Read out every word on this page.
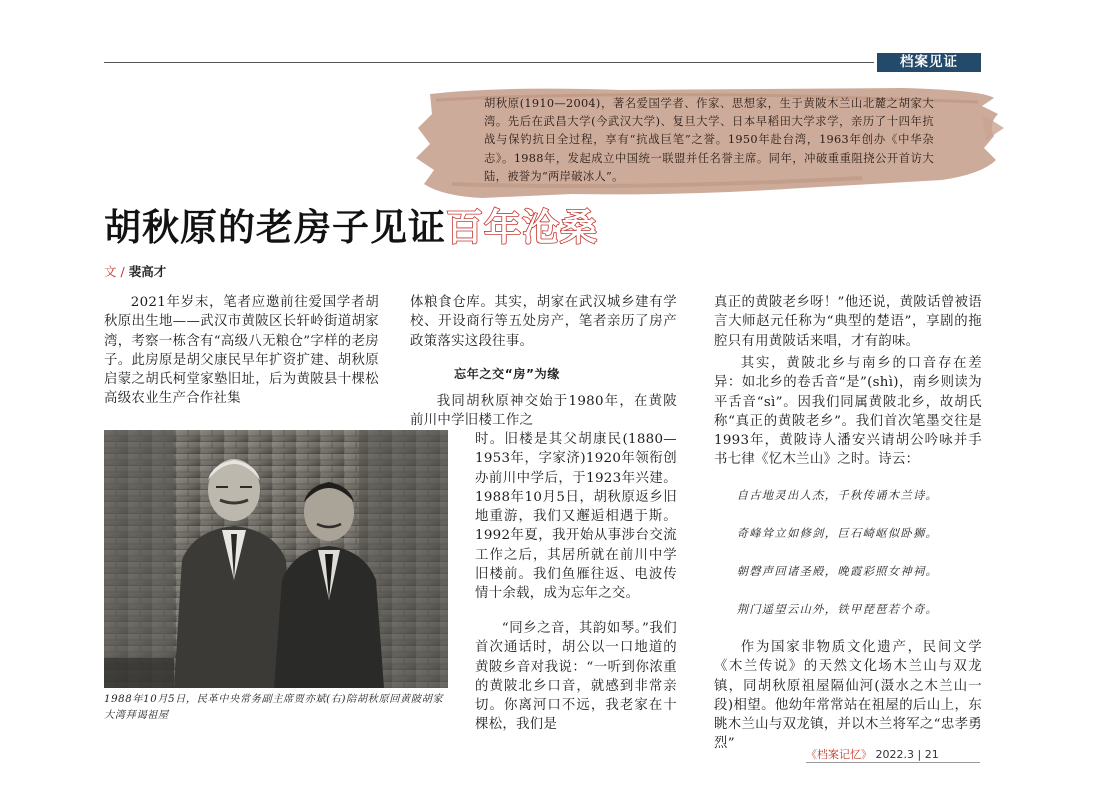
档案见证
胡秋原(1910—2004)，著名爱国学者、作家、思想家，生于黄陂木兰山北麓之胡家大湾。先后在武昌大学(今武汉大学)、复旦大学、日本早稻田大学求学，亲历了十四年抗战与保钓抗日全过程，享有“抗战巨笔”之誉。1950年赴台湾，1963年创办《中华杂志》。1988年，发起成立中国统一联盟并任名誉主席。同年，冲破重重阻挠公开首访大陆，被誉为“两岸破冰人”。
胡秋原的老房子见证百年沧桑
文 / 裴高才
2021年岁末，笔者应邀前往爱国学者胡秋原出生地——武汉市黄陂区长轩岭街道胡家湾，考察一栋含有“高级八无粮仓”字样的老房子。此房原是胡父康民早年扩资扩建、胡秋原启蒙之胡氏柯堂家塾旧址，后为黄陂县十棵松高级农业生产合作社集
1988年10月5日，民革中央常务副主席贾亦斌(右)陪胡秋原回黄陂胡家大湾拜谒祖屋
体粮食仓库。其实，胡家在武汉城乡建有学校、开设商行等五处房产，笔者亲历了房产政策落实这段往事。
忘年之交“房”为缘
我同胡秋原神交始于1980年，在黄陂前川中学旧楼工作之
时。旧楼是其父胡康民(1880—1953年，字家济)1920年领衔创办前川中学后，于1923年兴建。1988年10月5日，胡秋原返乡旧地重游，我们又邂逅相遇于斯。1992年夏，我开始从事涉台交流工作之后，其居所就在前川中学旧楼前。我们鱼雁往返、电波传情十余载，成为忘年之交。
“同乡之音，其韵如琴。”我们首次通话时，胡公以一口地道的黄陂乡音对我说：“一听到你浓重的黄陂北乡口音，就感到非常亲切。你离河口不远，我老家在十棵松，我们是
真正的黄陂老乡呀！”他还说，黄陂话曾被语言大师赵元任称为“典型的楚语”，享剧的拖腔只有用黄陂话来唱，才有韵味。
其实，黄陂北乡与南乡的口音存在差异：如北乡的卷舌音“是”(shì)，南乡则读为平舌音“sì”。因我们同属黄陂北乡，故胡氏称“真正的黄陂老乡”。我们首次笔墨交往是1993年，黄陂诗人潘安兴请胡公吟咏并手书七律《忆木兰山》之时。诗云：
自古地灵出人杰，千秋传诵木兰诗。
奇峰耸立如修剑，巨石崎岖似卧狮。
朝磬声回诸圣殿，晚霞彩照女神祠。
荆门遥望云山外，铁甲琵琶若个奇。
作为国家非物质文化遗产，民间文学《木兰传说》的天然文化场木兰山与双龙镇，同胡秋原祖屋隔仙河(滠水之木兰山一段)相望。他幼年常常站在祖屋的后山上，东眺木兰山与双龙镇，并以木兰将军之“忠孝勇烈”
《档案记忆》 2022.3 | 21
